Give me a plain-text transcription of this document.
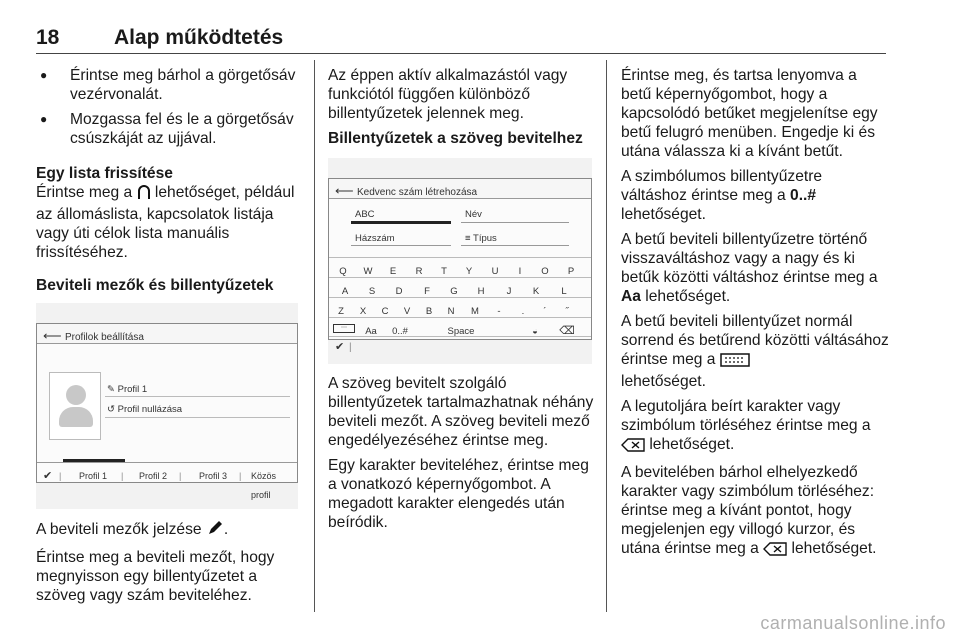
18	Alap működtetés
● Érintse meg bárhol a görgetősáv vezérvonalát.
● Mozgassa fel és le a görgetősáv csúszkáját az ujjával.

Egy lista frissítése

Érintse meg a lehetőséget, például az állomáslista, kapcsolatok listája vagy úti célok lista manuális frissítéséhez.

Beviteli mezők és billentyűzetek

⟵ Profilok beállítása
✎ Profil 1
↺ Profil nullázása
✔ | Profil 1 | Profil 2 | Profil 3 | Közös profil

A beviteli mezők jelzése .

Érintse meg a beviteli mezőt, hogy megnyisson egy billentyűzetet a szöveg vagy szám beviteléhez.

Az éppen aktív alkalmazástól vagy funkciótól függően különböző billentyűzetek jelennek meg.

Billentyűzetek a szöveg bevitelhez

⟵ Kedvenc szám létrehozása
ABC	Név
Házszám	≡ Típus
Q	W	E	R	T	Y	U	I	O	P
A	S	D	F	G	H	J	K	L
Z	X	C	V	B	N	M	-	.	´	˝
⋯	Aa	0..#	Space	◒	⌫
✔ |

A szöveg bevitelt szolgáló billentyűzetek tartalmazhatnak néhány beviteli mezőt. A szöveg beviteli mező engedélyezéséhez érintse meg.

Egy karakter beviteléhez, érintse meg a vonatkozó képernyőgombot. A megadott karakter elengedés után beíródik.

Érintse meg, és tartsa lenyomva a betű képernyőgombot, hogy a kapcsolódó betűket megjelenítse egy betű felugró menüben. Engedje ki és utána válassza ki a kívánt betűt.

A szimbólumos billentyűzetre váltáshoz érintse meg a 0..# lehetőséget.

A betű beviteli billentyűzetre történő visszaváltáshoz vagy a nagy és ki betűk közötti váltáshoz érintse meg a Aa lehetőséget.

A betű beviteli billentyűzet normál sorrend és betűrend közötti váltásához érintse meg a
lehetőséget.

A legutoljára beírt karakter vagy szimbólum törléséhez érintse meg a
lehetőséget.

A bevitelében bárhol elhelyezkedő karakter vagy szimbólum törléséhez: érintse meg a kívánt pontot, hogy megjelenjen egy villogó kurzor, és utána érintse meg a lehetőséget.

carmanualsonline.info
